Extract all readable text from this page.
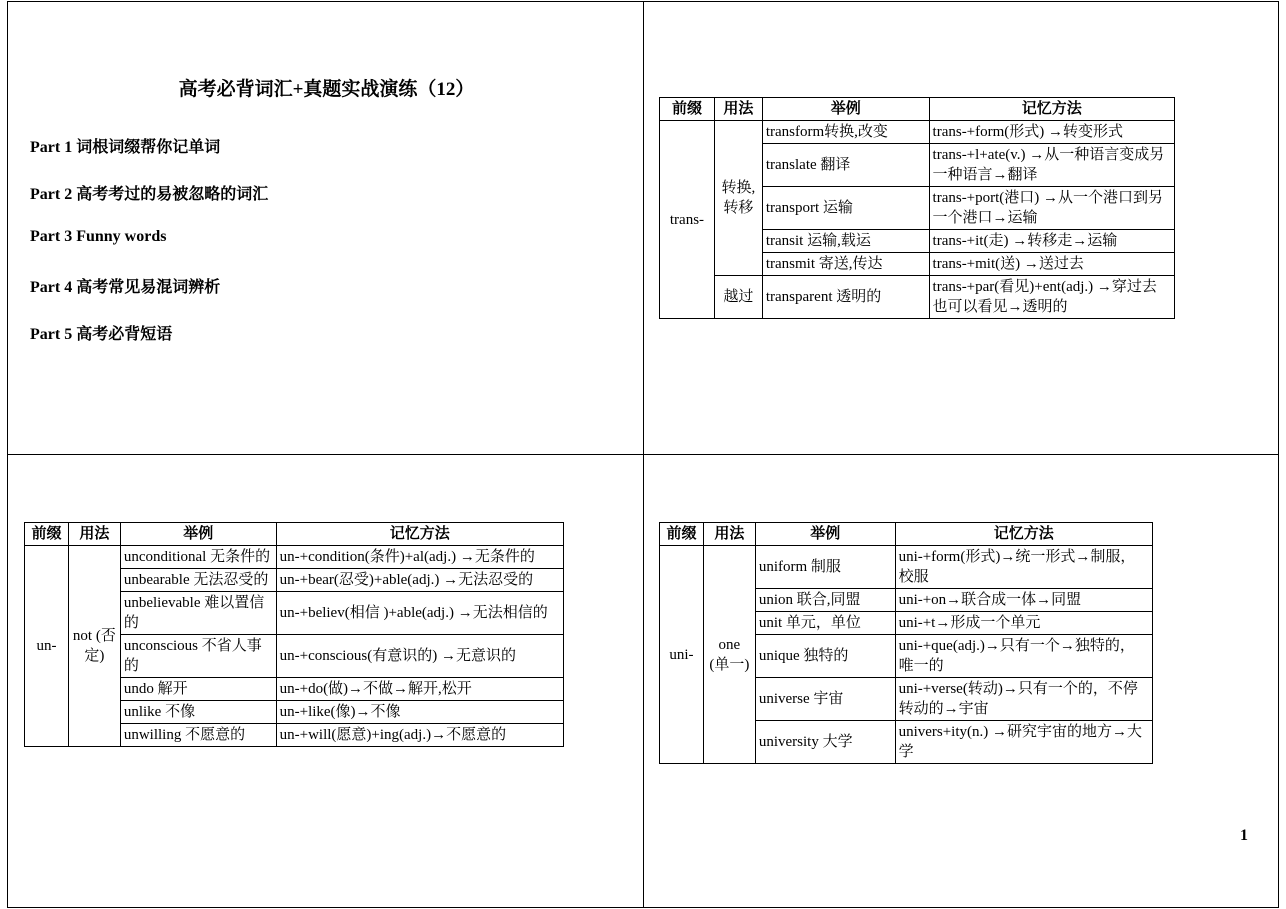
高考必背词汇+真题实战演练（12）
Part 1 词根词缀帮你记单词
Part 2 高考考过的易被忽略的词汇
Part 3 Funny words
Part 4 高考常见易混词辨析
Part 5 高考必背短语
前缀	用法	举例	记忆方法
trans-	转换,转移	transform转换,改变	trans-+form(形式) →转变形式
		translate 翻译	trans-+l+ate(v.) →从一种语言变成另一种语言→翻译
		transport 运输	trans-+port(港口) →从一个港口到另一个港口→运输
		transit 运输,载运	trans-+it(走) →转移走→运输
		transmit 寄送,传达	trans-+mit(送) →送过去
	越过	transparent 透明的	trans-+par(看见)+ent(adj.) →穿过去也可以看见→透明的
前缀	用法	举例	记忆方法
un-	not (否定)	unconditional 无条件的	un-+condition(条件)+al(adj.) →无条件的
		unbearable 无法忍受的	un-+bear(忍受)+able(adj.) →无法忍受的
		unbelievable 难以置信的	un-+believ(相信 )+able(adj.) →无法相信的
		unconscious 不省人事的	un-+conscious(有意识的) →无意识的
		undo 解开	un-+do(做)→不做→解开,松开
		unlike 不像	un-+like(像)→不像
		unwilling 不愿意的	un-+will(愿意)+ing(adj.)→不愿意的
前缀	用法	举例	记忆方法
uni-	one (单一)	uniform 制服	uni-+form(形式)→统一形式→制服，校服
		union 联合,同盟	uni-+on→联合成一体→同盟
		unit 单元，单位	uni-+t→形成一个单元
		unique 独特的	uni-+que(adj.)→只有一个→独特的，唯一的
		universe 宇宙	uni-+verse(转动)→只有一个的，不停转动的→宇宙
		university 大学	univers+ity(n.) →研究宇宙的地方→大学
1
